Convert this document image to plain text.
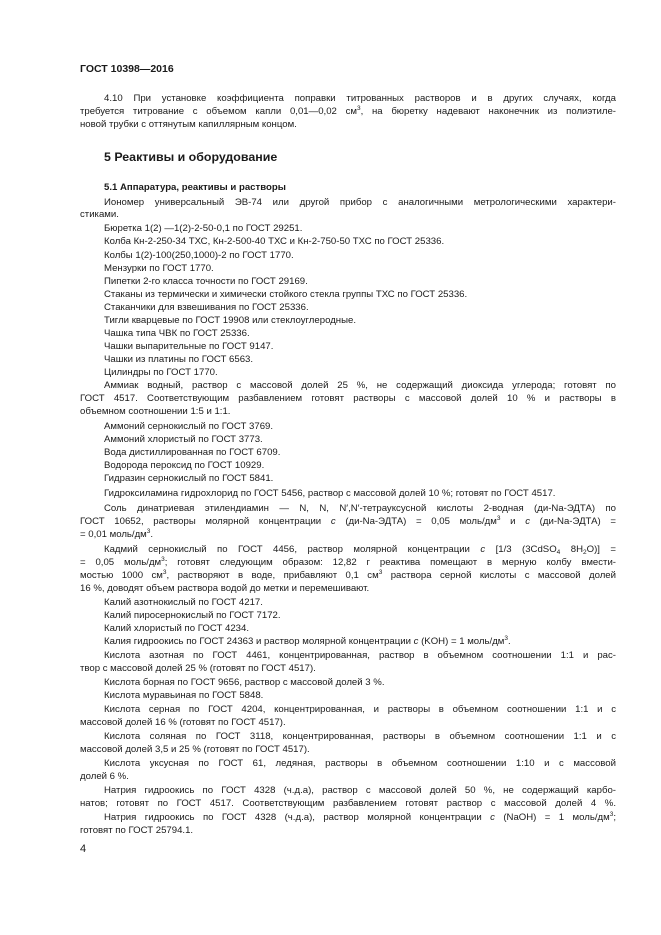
ГОСТ 10398—2016
4.10 При установке коэффициента поправки титрованных растворов и в других случаях, когда
требуется титрование с объемом капли 0,01—0,02 $см^3$, на бюретку надевают наконечник из полиэтиле-
новой трубки с оттянутым капиллярным концом.
5 Реактивы и оборудование
5.1 Аппаратура, реактивы и растворы
Иономер универсальный ЭВ-74 или другой прибор с аналогичными метрологическими характери-
стиками.
Бюретка 1(2) —1(2)-2-50-0,1 по ГОСТ 29251.
Колба Кн-2-250-34 ТХС, Кн-2-500-40 ТХС и Кн-2-750-50 ТХС по ГОСТ 25336.
Колбы 1(2)-100(250,1000)-2 по ГОСТ 1770.
Мензурки по ГОСТ 1770.
Пипетки 2-го класса точности по ГОСТ 29169.
Стаканы из термически и химически стойкого стекла группы ТХС по ГОСТ 25336.
Стаканчики для взвешивания по ГОСТ 25336.
Тигли кварцевые по ГОСТ 19908 или стеклоуглеродные.
Чашка типа ЧВК по ГОСТ 25336.
Чашки выпарительные по ГОСТ 9147.
Чашки из платины по ГОСТ 6563.
Цилиндры по ГОСТ 1770.
Аммиак водный, раствор с массовой долей 25 %, не содержащий диоксида углерода; готовят по
ГОСТ 4517. Соответствующим разбавлением готовят растворы с массовой долей 10 % и растворы в
объемном соотношении 1:5 и 1:1.
Аммоний сернокислый по ГОСТ 3769.
Аммоний хлористый по ГОСТ 3773.
Вода дистиллированная по ГОСТ 6709.
Водорода пероксид по ГОСТ 10929.
Гидразин сернокислый по ГОСТ 5841.
Гидроксиламина гидрохлорид по ГОСТ 5456, раствор с массовой долей 10 %; готовят по ГОСТ 4517.
Соль динатриевая этилендиамин — N, N, N′,N′-тетрауксусной кислоты 2-водная (ди-Na-ЭДТА) по
ГОСТ 10652, растворы молярной концентрации с (ди-Na-ЭДТА) = 0,05 моль/$дм^3$ и с (ди-Na-ЭДТА) =
= 0,01 моль/$дм^3$.
Кадмий сернокислый по ГОСТ 4456, раствор молярной концентрации с [1/3 (3CdSO$_4$ $8H_2O$)] =
= 0,05 моль/$дм^3$; готовят следующим образом: 12,82 г реактива помещают в мерную колбу вмести-
мостью 1000 $см^3$, растворяют в воде, прибавляют 0,1 $см^3$ раствора серной кислоты с массовой долей
16 %, доводят объем раствора водой до метки и перемешивают.
Калий азотнокислый по ГОСТ 4217.
Калий пиросернокислый по ГОСТ 7172.
Калий хлористый по ГОСТ 4234.
Калия гидроокись по ГОСТ 24363 и раствор молярной концентрации с (KOH) = 1 моль/$дм^3$.
Кислота азотная по ГОСТ 4461, концентрированная, раствор в объемном соотношении 1:1 и рас-
твор с массовой долей 25 % (готовят по ГОСТ 4517).
Кислота борная по ГОСТ 9656, раствор с массовой долей 3 %.
Кислота муравьиная по ГОСТ 5848.
Кислота серная по ГОСТ 4204, концентрированная, и растворы в объемном соотношении 1:1 и с
массовой долей 16 % (готовят по ГОСТ 4517).
Кислота соляная по ГОСТ 3118, концентрированная, растворы в объемном соотношении 1:1 и с
массовой долей 3,5 и 25 % (готовят по ГОСТ 4517).
Кислота уксусная по ГОСТ 61, ледяная, растворы в объемном соотношении 1:10 и с массовой
долей 6 %.
Натрия гидроокись по ГОСТ 4328 (ч.д.а), раствор с массовой долей 50 %, не содержащий карбо-
натов; готовят по ГОСТ 4517. Соответствующим разбавлением готовят раствор с массовой долей 4 %.
Натрия гидроокись по ГОСТ 4328 (ч.д.а), раствор молярной концентрации с (NaOH) = 1 моль/$дм^3$;
готовят по ГОСТ 25794.1.
4
